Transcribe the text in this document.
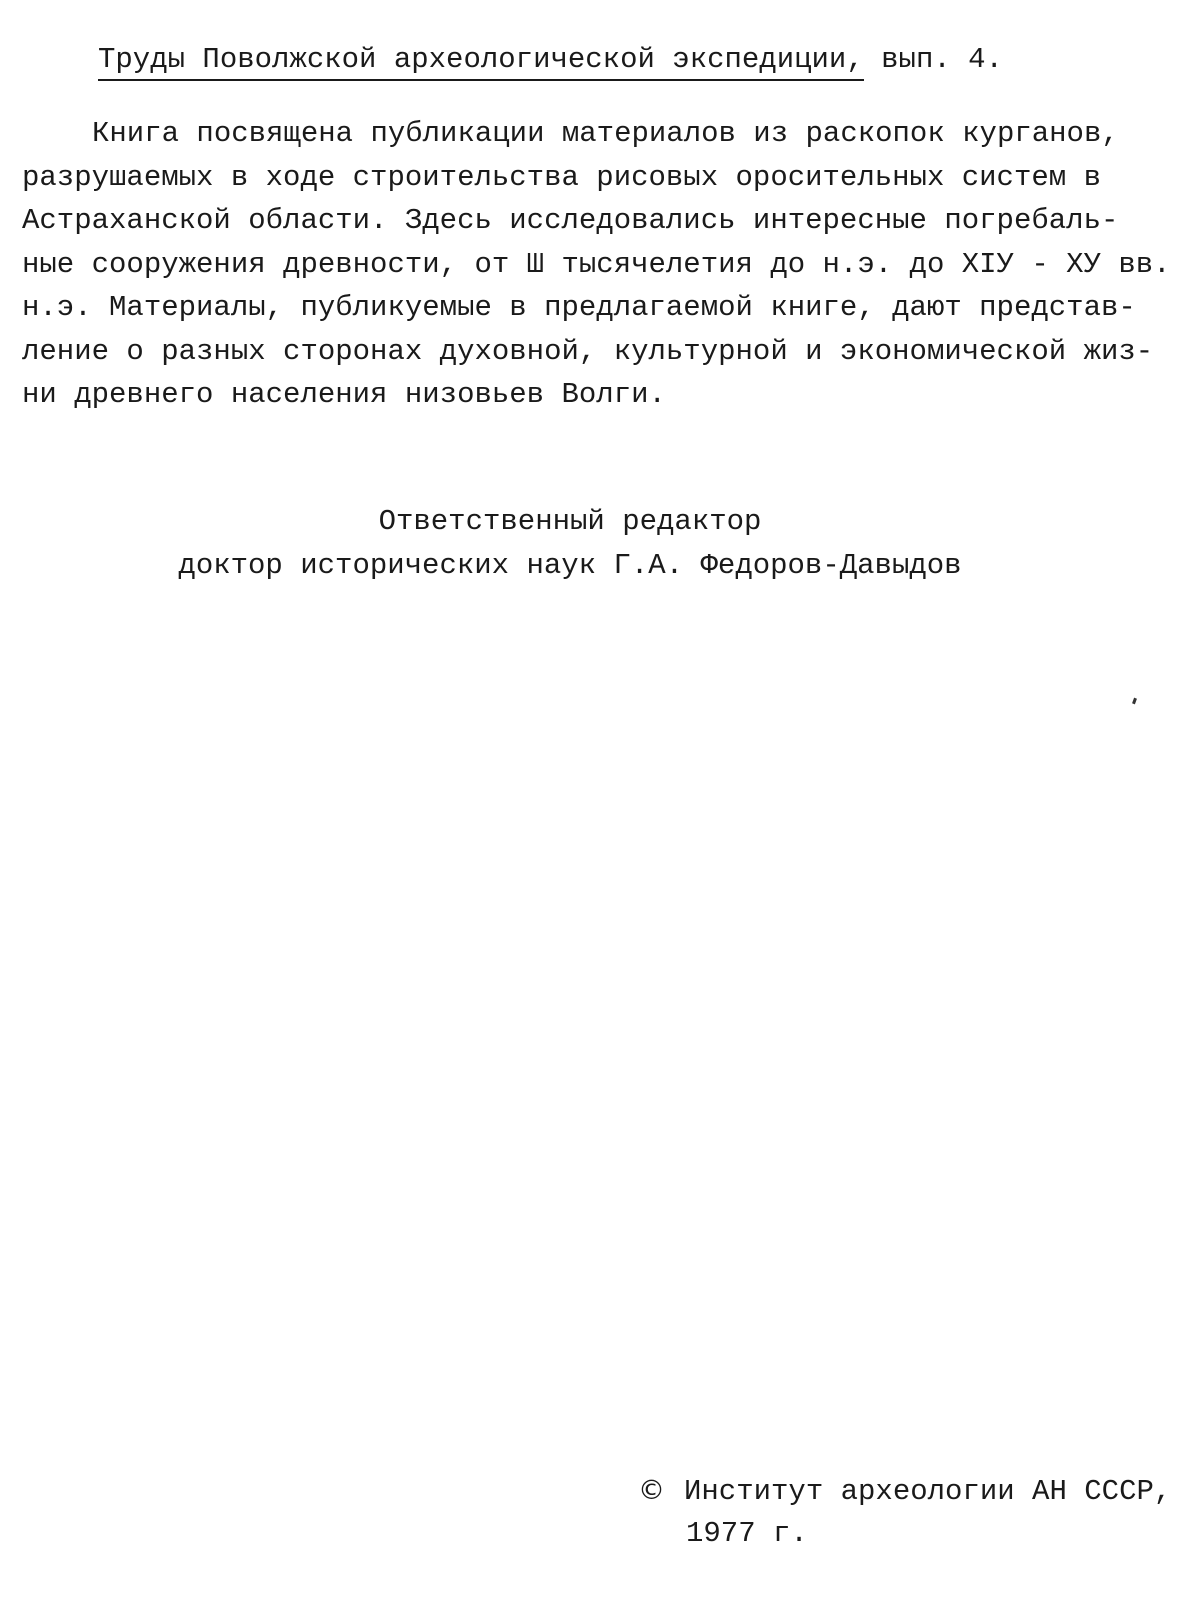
Труды Поволжской археологической экспедиции, вып. 4.
Книга посвящена публикации материалов из раскопок курганов,
разрушаемых в ходе строительства рисовых оросительных систем в
Астраханской области. Здесь исследовались интересные погребаль-
ные сооружения древности, от Ш тысячелетия до н.э. до ХIУ - ХУ вв.
н.э. Материалы, публикуемые в предлагаемой книге, дают представ-
ление о разных сторонах духовной, культурной и экономической жиз-
ни древнего населения низовьев Волги.
Ответственный редактор
доктор исторических наук Г.А. Федоров-Давыдов
© Институт археологии АН СССР,
1977 г.
